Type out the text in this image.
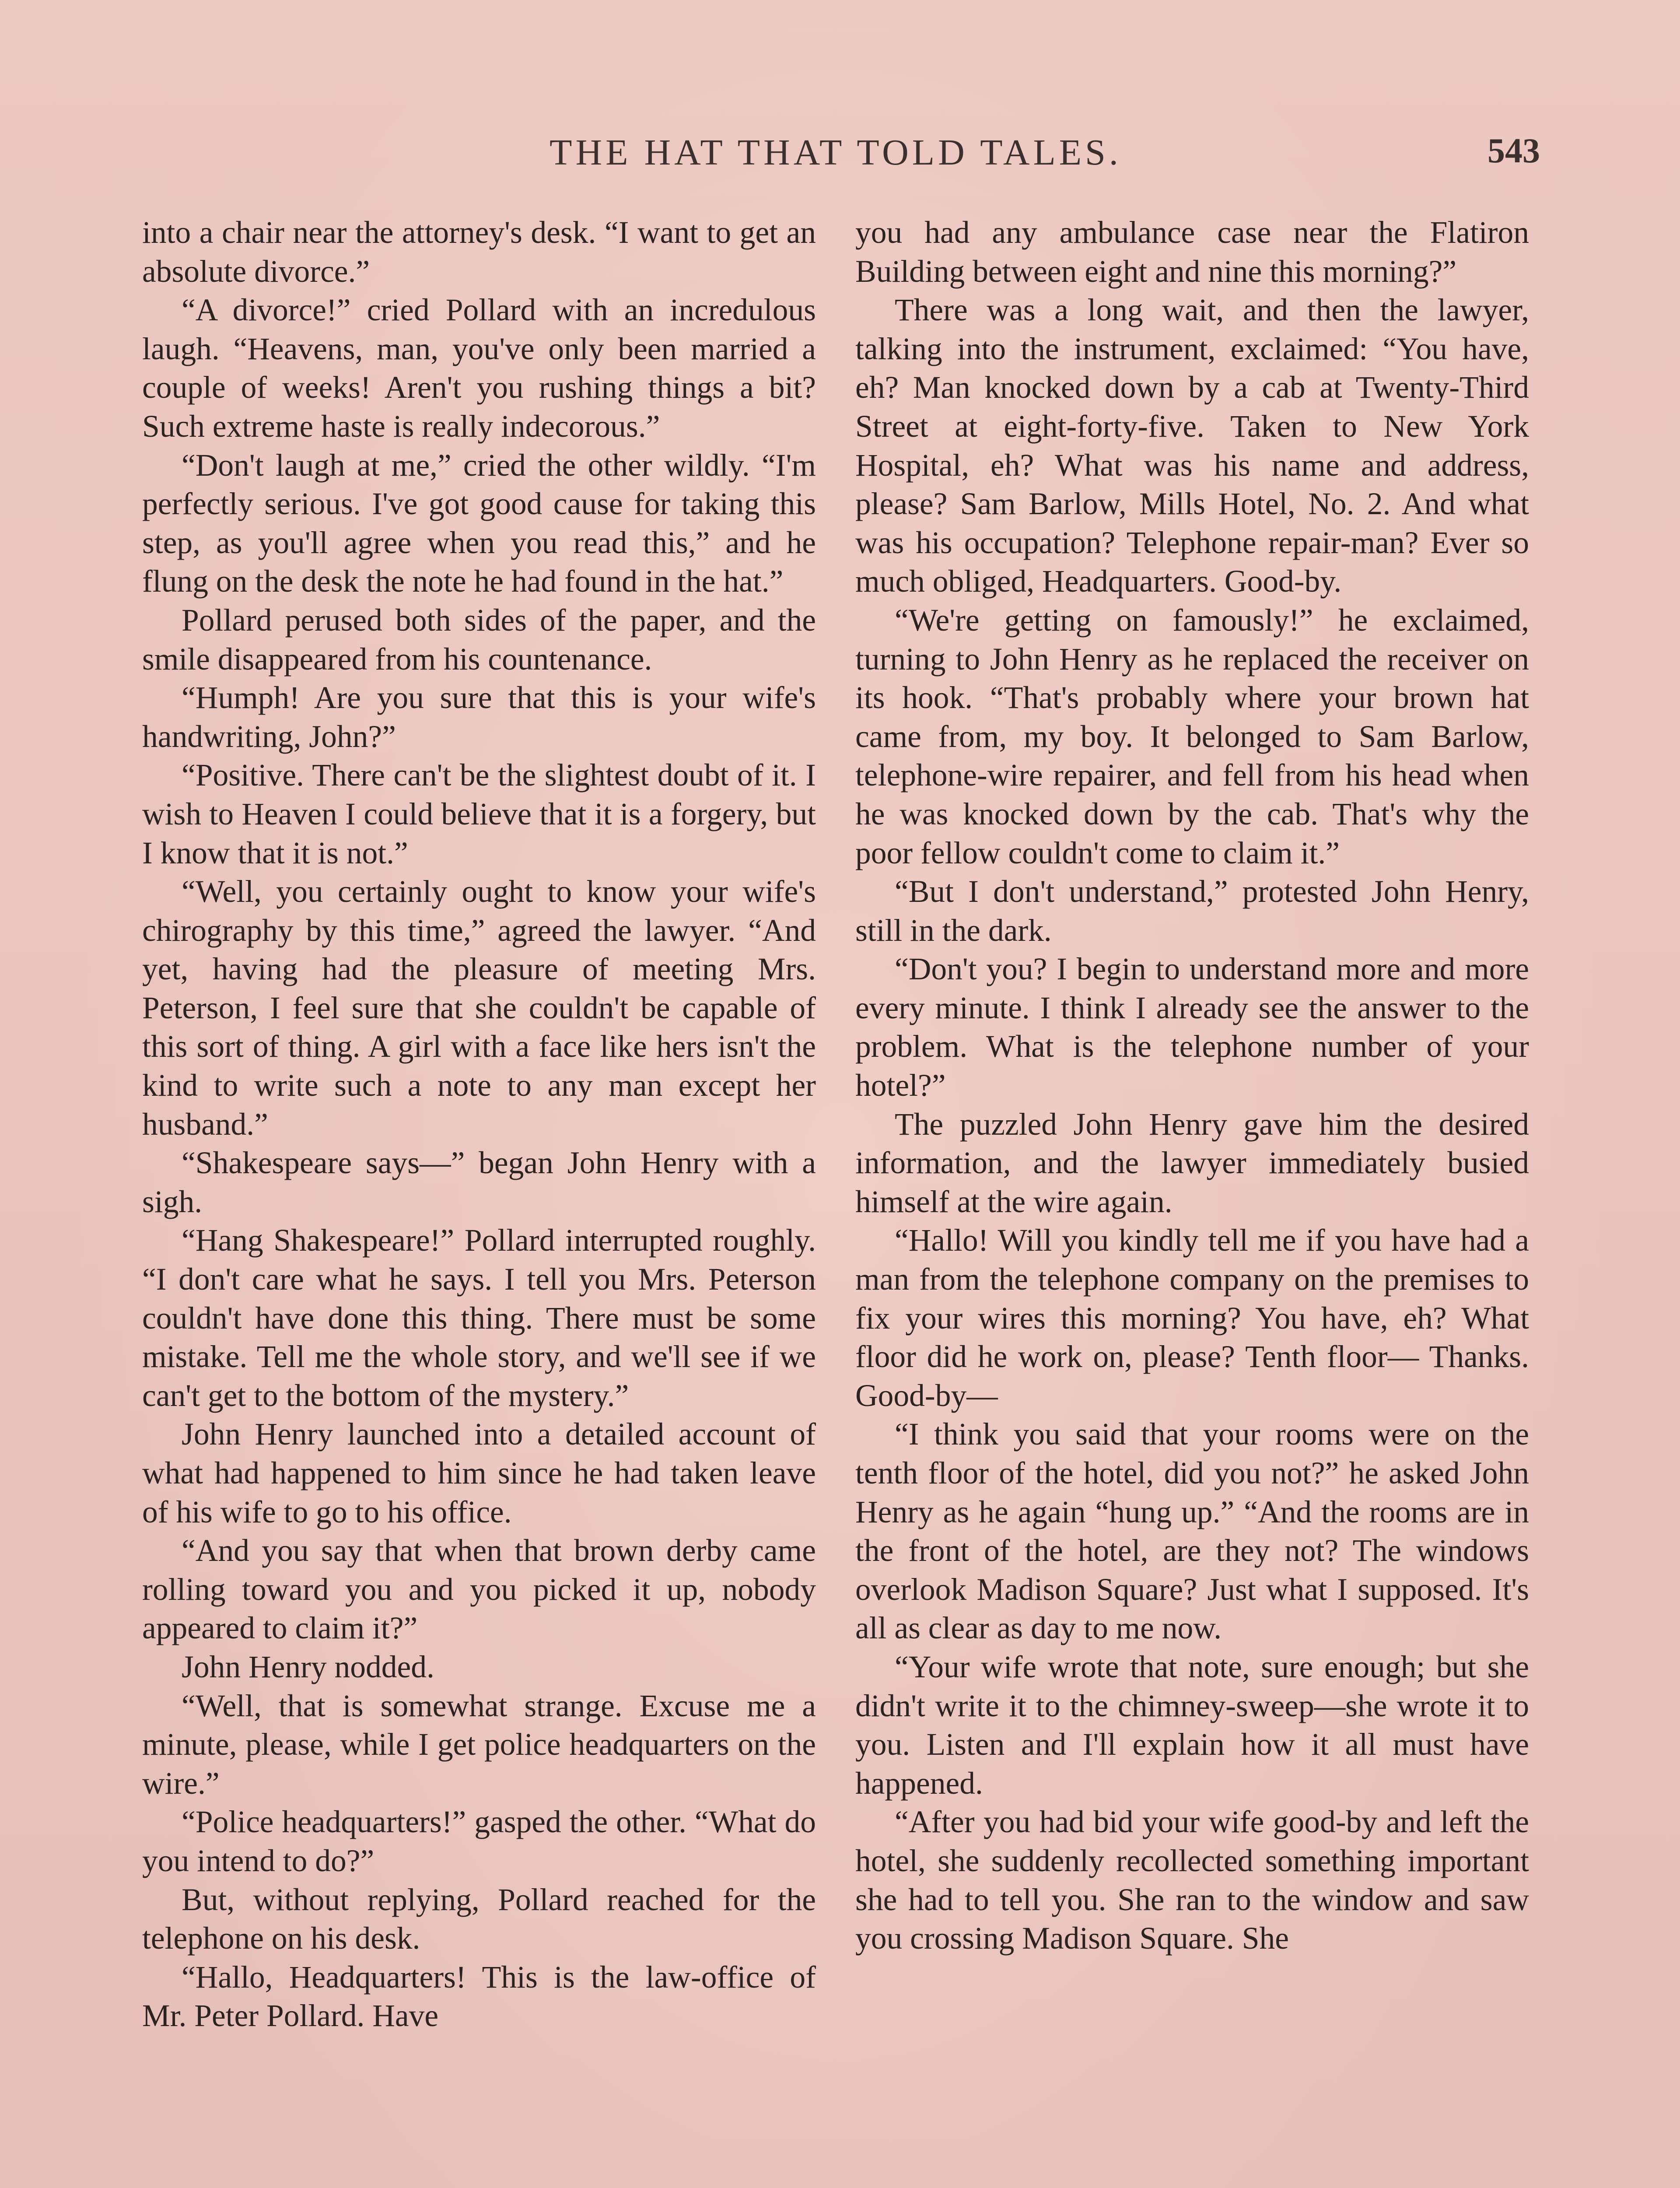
THE HAT THAT TOLD TALES.	543

into a chair near the attorney's desk. “I want to get an absolute divorce.”

“A divorce!” cried Pollard with an incredulous laugh. “Heavens, man, you've only been married a couple of weeks! Aren't you rushing things a bit? Such extreme haste is really indecorous.”

“Don't laugh at me,” cried the other wildly. “I'm perfectly serious. I've got good cause for taking this step, as you'll agree when you read this,” and he flung on the desk the note he had found in the hat.”

Pollard perused both sides of the paper, and the smile disappeared from his countenance.

“Humph! Are you sure that this is your wife's handwriting, John?”

“Positive. There can't be the slightest doubt of it. I wish to Heaven I could believe that it is a forgery, but I know that it is not.”

“Well, you certainly ought to know your wife's chirography by this time,” agreed the lawyer. “And yet, having had the pleasure of meeting Mrs. Peterson, I feel sure that she couldn't be capable of this sort of thing. A girl with a face like hers isn't the kind to write such a note to any man except her husband.”

“Shakespeare says—” began John Henry with a sigh.

“Hang Shakespeare!” Pollard interrupted roughly. “I don't care what he says. I tell you Mrs. Peterson couldn't have done this thing. There must be some mistake. Tell me the whole story, and we'll see if we can't get to the bottom of the mystery.”

John Henry launched into a detailed account of what had happened to him since he had taken leave of his wife to go to his office.

“And you say that when that brown derby came rolling toward you and you picked it up, nobody appeared to claim it?”

John Henry nodded.

“Well, that is somewhat strange. Excuse me a minute, please, while I get police headquarters on the wire.”

“Police headquarters!” gasped the other. “What do you intend to do?”

But, without replying, Pollard reached for the telephone on his desk.

“Hallo, Headquarters! This is the law-office of Mr. Peter Pollard. Have

you had any ambulance case near the Flatiron Building between eight and nine this morning?”

There was a long wait, and then the lawyer, talking into the instrument, exclaimed: “You have, eh? Man knocked down by a cab at Twenty-Third Street at eight-forty-five. Taken to New York Hospital, eh? What was his name and address, please? Sam Barlow, Mills Hotel, No. 2. And what was his occupation? Telephone repair-man? Ever so much obliged, Headquarters. Good-by.

“We're getting on famously!” he exclaimed, turning to John Henry as he replaced the receiver on its hook. “That's probably where your brown hat came from, my boy. It belonged to Sam Barlow, telephone-wire repairer, and fell from his head when he was knocked down by the cab. That's why the poor fellow couldn't come to claim it.”

“But I don't understand,” protested John Henry, still in the dark.

“Don't you? I begin to understand more and more every minute. I think I already see the answer to the problem. What is the telephone number of your hotel?”

The puzzled John Henry gave him the desired information, and the lawyer immediately busied himself at the wire again.

“Hallo! Will you kindly tell me if you have had a man from the telephone company on the premises to fix your wires this morning? You have, eh? What floor did he work on, please? Tenth floor— Thanks. Good-by—

“I think you said that your rooms were on the tenth floor of the hotel, did you not?” he asked John Henry as he again “hung up.” “And the rooms are in the front of the hotel, are they not? The windows overlook Madison Square? Just what I supposed. It's all as clear as day to me now.

“Your wife wrote that note, sure enough; but she didn't write it to the chimney-sweep—she wrote it to you. Listen and I'll explain how it all must have happened.

“After you had bid your wife good-by and left the hotel, she suddenly recollected something important she had to tell you. She ran to the window and saw you crossing Madison Square. She
